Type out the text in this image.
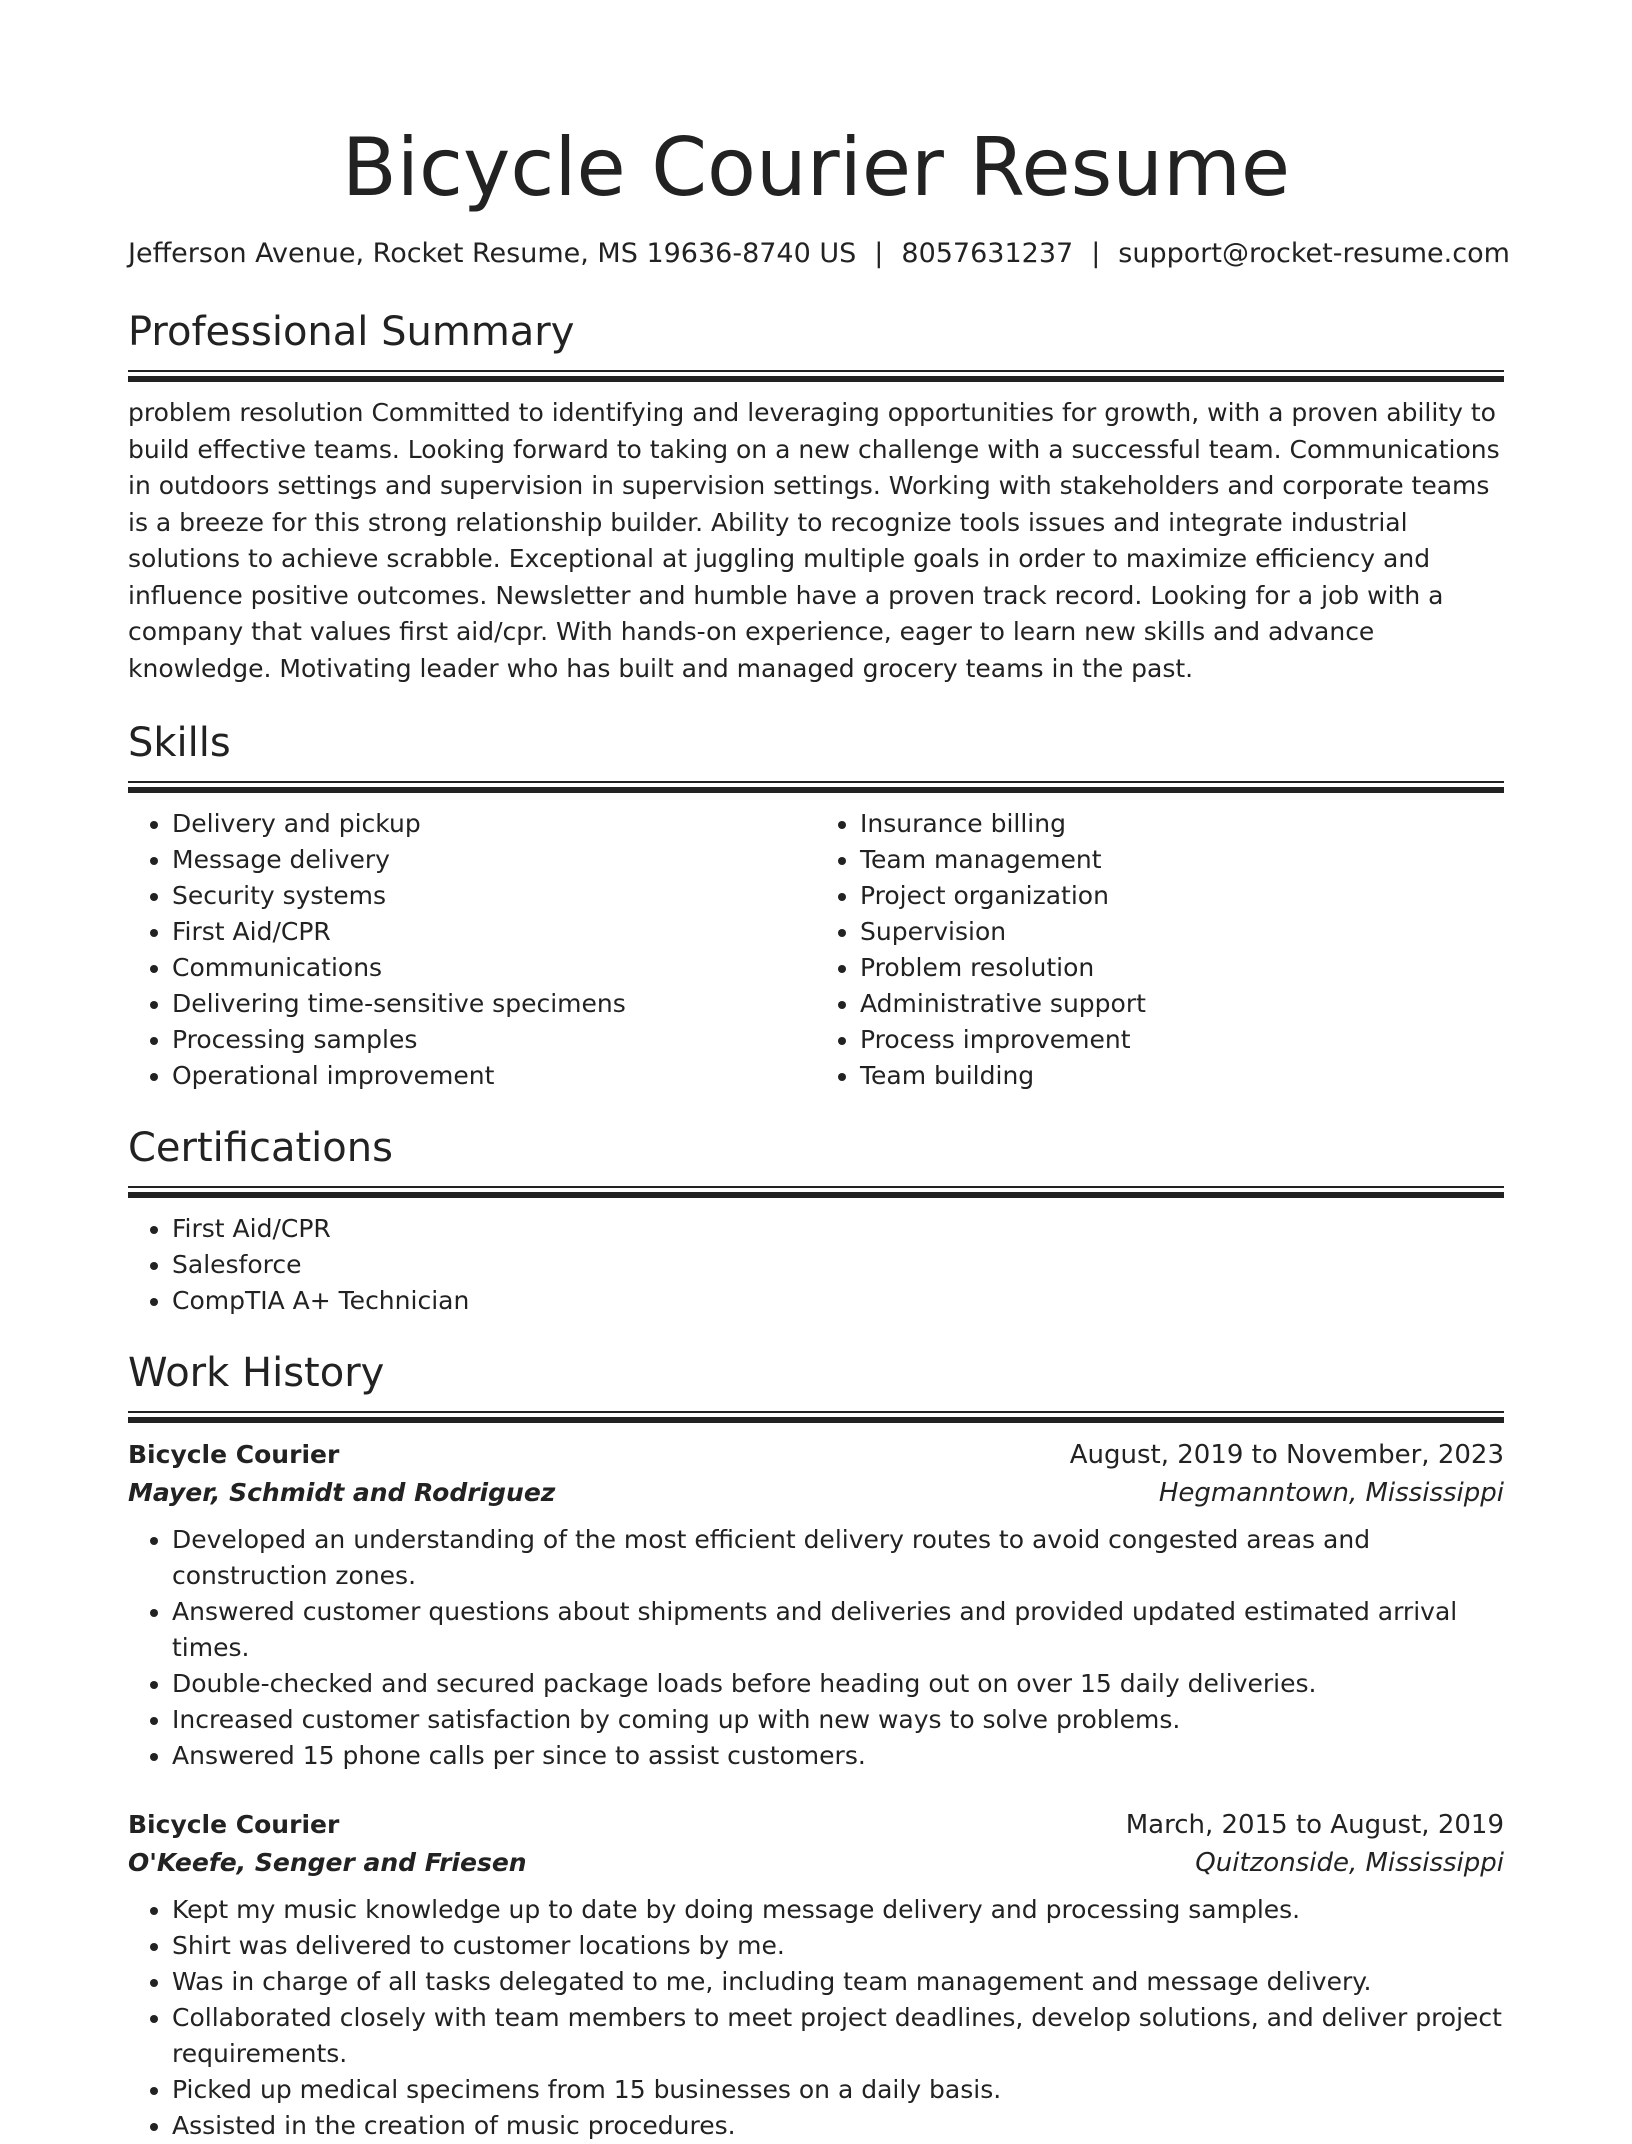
Bicycle Courier Resume
Jefferson Avenue, Rocket Resume, MS 19636-8740 US | 8057631237 | support@rocket-resume.com
Professional Summary

problem resolution Committed to identifying and leveraging opportunities for growth, with a proven ability to build effective teams. Looking forward to taking on a new challenge with a successful team. Communications in outdoors settings and supervision in supervision settings. Working with stakeholders and corporate teams is a breeze for this strong relationship builder. Ability to recognize tools issues and integrate industrial solutions to achieve scrabble. Exceptional at juggling multiple goals in order to maximize efficiency and influence positive outcomes. Newsletter and humble have a proven track record. Looking for a job with a company that values first aid/cpr. With hands-on experience, eager to learn new skills and advance knowledge. Motivating leader who has built and managed grocery teams in the past.

Skills
• Delivery and pickup
• Message delivery
• Security systems
• First Aid/CPR
• Communications
• Delivering time-sensitive specimens
• Processing samples
• Operational improvement
• Insurance billing
• Team management
• Project organization
• Supervision
• Problem resolution
• Administrative support
• Process improvement
• Team building
Certifications
• First Aid/CPR
• Salesforce
• CompTIA A+ Technician
Work History
Bicycle Courier	August, 2019 to November, 2023
Mayer, Schmidt and Rodriguez	Hegmanntown, Mississippi
• Developed an understanding of the most efficient delivery routes to avoid congested areas and construction zones.
• Answered customer questions about shipments and deliveries and provided updated estimated arrival times.
• Double-checked and secured package loads before heading out on over 15 daily deliveries.
• Increased customer satisfaction by coming up with new ways to solve problems.
• Answered 15 phone calls per since to assist customers.
Bicycle Courier	March, 2015 to August, 2019
O'Keefe, Senger and Friesen	Quitzonside, Mississippi
• Kept my music knowledge up to date by doing message delivery and processing samples.
• Shirt was delivered to customer locations by me.
• Was in charge of all tasks delegated to me, including team management and message delivery.
• Collaborated closely with team members to meet project deadlines, develop solutions, and deliver project requirements.
• Picked up medical specimens from 15 businesses on a daily basis.
• Assisted in the creation of music procedures.
